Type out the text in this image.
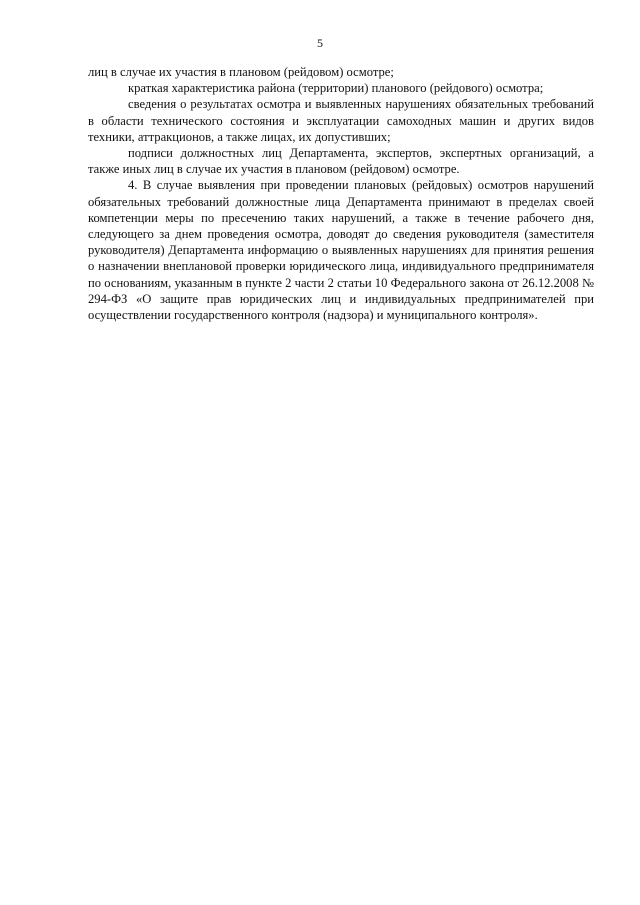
5

лиц в случае их участия в плановом (рейдовом) осмотре;

краткая характеристика района (территории) планового (рейдового) осмотра;

сведения о результатах осмотра и выявленных нарушениях обязательных требований в области технического состояния и эксплуатации самоходных машин и других видов техники, аттракционов, а также лицах, их допустивших;

подписи должностных лиц Департамента, экспертов, экспертных организаций, а также иных лиц в случае их участия в плановом (рейдовом) осмотре.

4. В случае выявления при проведении плановых (рейдовых) осмотров нарушений обязательных требований должностные лица Департамента принимают в пределах своей компетенции меры по пресечению таких нарушений, а также в течение рабочего дня, следующего за днем проведения осмотра, доводят до сведения руководителя (заместителя руководителя) Департамента информацию о выявленных нарушениях для принятия решения о назначении внеплановой проверки юридического лица, индивидуального предпринимателя по основаниям, указанным в пункте 2 части 2 статьи 10 Федерального закона от 26.12.2008 № 294-ФЗ «О защите прав юридических лиц и индивидуальных предпринимателей при осуществлении государственного контроля (надзора) и муниципального контроля».
